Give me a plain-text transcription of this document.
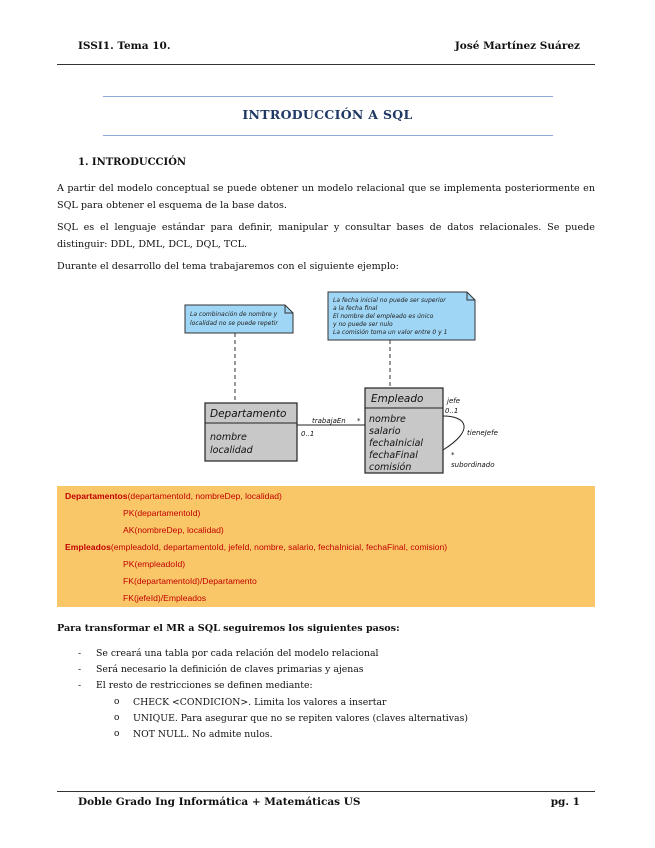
ISSI1. Tema 10.	José Martínez Suárez
INTRODUCCIÓN A SQL
1. INTRODUCCIÓN
A partir del modelo conceptual se puede obtener un modelo relacional que se implementa posteriormente en SQL para obtener el esquema de la base datos.
SQL es el lenguaje estándar para definir, manipular y consultar bases de datos relacionales. Se puede distinguir: DDL, DML, DCL, DQL, TCL.
Durante el desarrollo del tema trabajaremos con el siguiente ejemplo:
La combinación de nombre y
localidad no se puede repetir
La fecha inicial no puede ser superior
a la fecha final
El nombre del empleado es único
y no puede ser nulo
La comisión toma un valor entre 0 y 1
Departamento
nombre
localidad
trabajaEn
0..1
*
Empleado
nombre
salario
fechaInicial
fechaFinal
comisión
jefe
0..1
tieneJefe
*
subordinado
Departamentos(departamentoId, nombreDep, localidad)
PK(departamentoId)
AK(nombreDep, localidad)
Empleados(empleadoId, departamentoId, jefeId, nombre, salario, fechaInicial, fechaFinal, comision)
PK(empleadoId)
FK(departamentoId)/Departamento
FK(jefeId)/Empleados
Para transformar el MR a SQL seguiremos los siguientes pasos:
- Se creará una tabla por cada relación del modelo relacional
- Será necesario la definición de claves primarias y ajenas
- El resto de restricciones se definen mediante:
o CHECK <CONDICION>. Limita los valores a insertar
o UNIQUE. Para asegurar que no se repiten valores (claves alternativas)
o NOT NULL. No admite nulos.
Doble Grado Ing Informática + Matemáticas US	pg. 1
